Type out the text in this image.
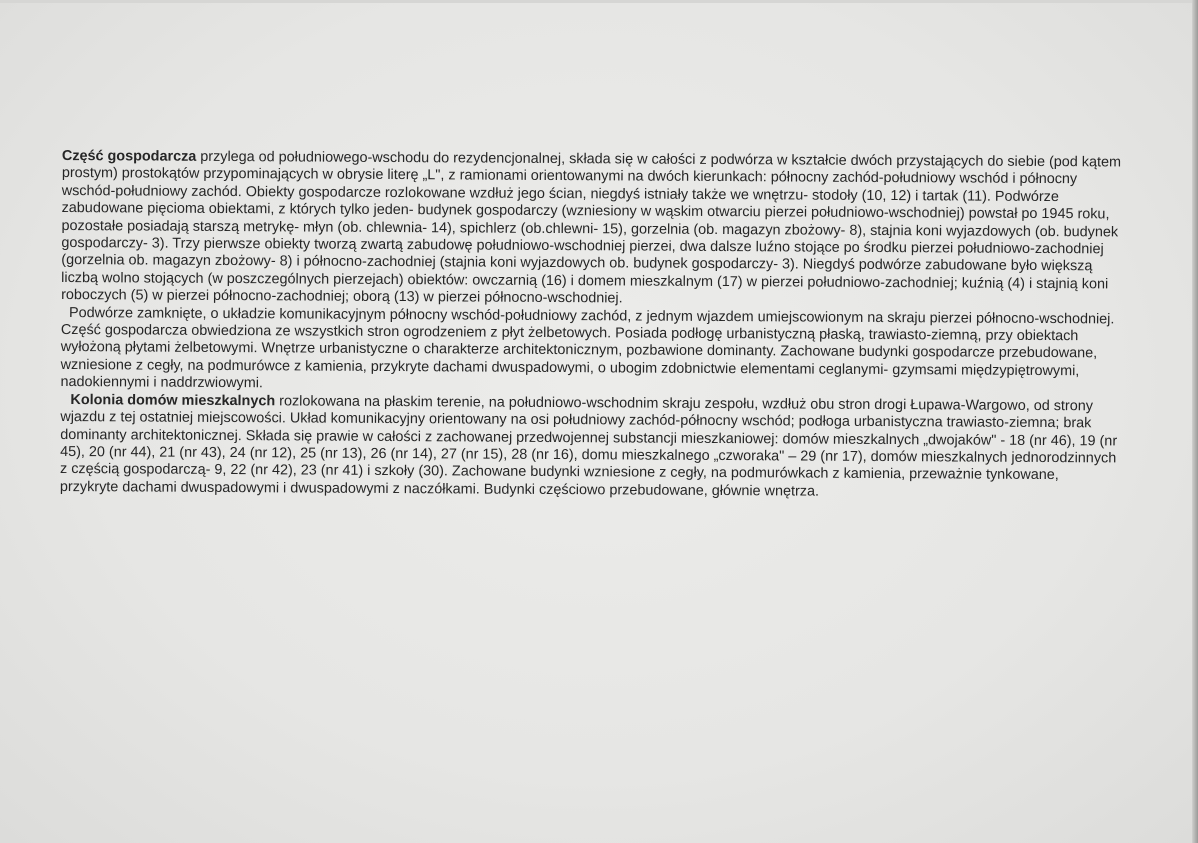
Część gospodarcza przylega od południowego-wschodu do rezydencjonalnej, składa się w całości z podwórza w kształcie dwóch przystających do siebie (pod kątem prostym) prostokątów przypominających w obrysie literę „L", z ramionami orientowanymi na dwóch kierunkach: północny zachód-południowy wschód i północny wschód-południowy zachód. Obiekty gospodarcze rozlokowane wzdłuż jego ścian, niegdyś istniały także we wnętrzu- stodoły (10, 12) i tartak (11). Podwórze zabudowane pięcioma obiektami, z których tylko jeden- budynek gospodarczy (wzniesiony w wąskim otwarciu pierzei południowo-wschodniej) powstał po 1945 roku, pozostałe posiadają starszą metrykę- młyn (ob. chlewnia- 14), spichlerz (ob.chlewni- 15), gorzelnia (ob. magazyn zbożowy- 8), stajnia koni wyjazdowych (ob. budynek gospodarczy- 3). Trzy pierwsze obiekty tworzą zwartą zabudowę południowo-wschodniej pierzei, dwa dalsze luźno stojące po środku pierzei południowo-zachodniej (gorzelnia ob. magazyn zbożowy- 8) i północno-zachodniej (stajnia koni wyjazdowych ob. budynek gospodarczy- 3). Niegdyś podwórze zabudowane było większą liczbą wolno stojących (w poszczególnych pierzejach) obiektów: owczarnią (16) i domem mieszkalnym (17) w pierzei południowo-zachodniej; kuźnią (4) i stajnią koni roboczych (5) w pierzei północno-zachodniej; oborą (13) w pierzei północno-wschodniej.

Podwórze zamknięte, o układzie komunikacyjnym północny wschód-południowy zachód, z jednym wjazdem umiejscowionym na skraju pierzei północno-wschodniej. Część gospodarcza obwiedziona ze wszystkich stron ogrodzeniem z płyt żelbetowych. Posiada podłogę urbanistyczną płaską, trawiasto-ziemną, przy obiektach wyłożoną płytami żelbetowymi. Wnętrze urbanistyczne o charakterze architektonicznym, pozbawione dominanty. Zachowane budynki gospodarcze przebudowane, wzniesione z cegły, na podmurówce z kamienia, przykryte dachami dwuspadowymi, o ubogim zdobnictwie elementami ceglanymi- gzymsami międzypiętrowymi, nadokiennymi i naddrzwiowymi.

Kolonia domów mieszkalnych rozlokowana na płaskim terenie, na południowo-wschodnim skraju zespołu, wzdłuż obu stron drogi Łupawa-Wargowo, od strony wjazdu z tej ostatniej miejscowości. Układ komunikacyjny orientowany na osi południowy zachód-północny wschód; podłoga urbanistyczna trawiasto-ziemna; brak dominanty architektonicznej. Składa się prawie w całości z zachowanej przedwojennej substancji mieszkaniowej: domów mieszkalnych „dwojaków" - 18 (nr 46), 19 (nr 45), 20 (nr 44), 21 (nr 43), 24 (nr 12), 25 (nr 13), 26 (nr 14), 27 (nr 15), 28 (nr 16), domu mieszkalnego „czworaka" – 29 (nr 17), domów mieszkalnych jednorodzinnych z częścią gospodarczą- 9, 22 (nr 42), 23 (nr 41) i szkoły (30). Zachowane budynki wzniesione z cegły, na podmurówkach z kamienia, przeważnie tynkowane, przykryte dachami dwuspadowymi i dwuspadowymi z naczółkami. Budynki częściowo przebudowane, głównie wnętrza.
